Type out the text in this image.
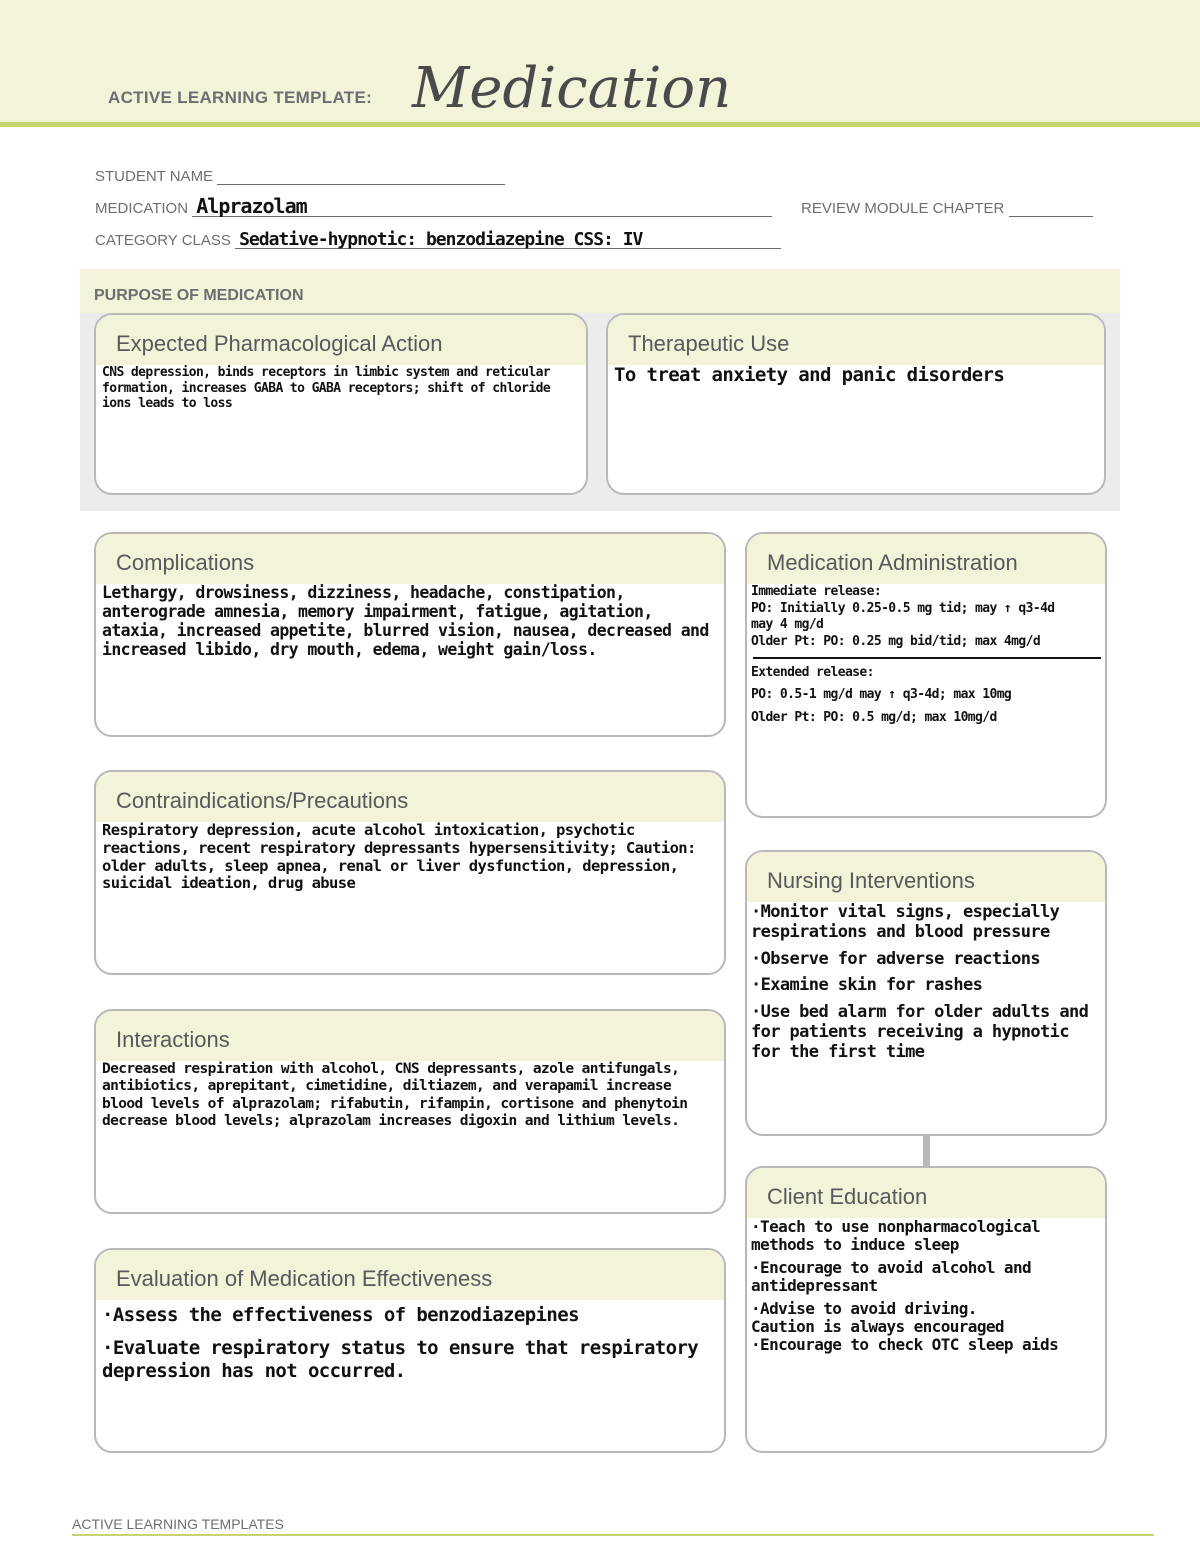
ACTIVE LEARNING TEMPLATE: Medication
STUDENT NAME
MEDICATION Alprazolam	REVIEW MODULE CHAPTER
CATEGORY CLASS Sedative-hypnotic: benzodiazepine CSS: IV
PURPOSE OF MEDICATION
Expected Pharmacological Action
CNS depression, binds receptors in limbic system and reticular formation, increases GABA to GABA receptors; shift of chloride ions leads to loss
Therapeutic Use
To treat anxiety and panic disorders
Complications
Lethargy, drowsiness, dizziness, headache, constipation, anterograde amnesia, memory impairment, fatigue, agitation, ataxia, increased appetite, blurred vision, nausea, decreased and increased libido, dry mouth, edema, weight gain/loss.
Medication Administration

Immediate release:

PO: Initially 0.25-0.5 mg tid; may ↑ q3-4d

may 4 mg/d

Older Pt: PO: 0.25 mg bid/tid; max 4mg/d

Extended release:

PO: 0.5-1 mg/d may ↑ q3-4d; max 10mg

Older Pt: PO: 0.5 mg/d; max 10mg/d

Contraindications/Precautions
Respiratory depression, acute alcohol intoxication, psychotic reactions, recent respiratory depressants hypersensitivity; Caution: older adults, sleep apnea, renal or liver dysfunction, depression, suicidal ideation, drug abuse	Nursing Interventions

·Monitor vital signs, especially respirations and blood pressure

·Observe for adverse reactions

·Examine skin for rashes

·Use bed alarm for older adults and for patients receiving a hypnotic for the first time

Interactions
Decreased respiration with alcohol, CNS depressants, azole antifungals, antibiotics, aprepitant, cimetidine, diltiazem, and verapamil increase blood levels of alprazolam; rifabutin, rifampin, cortisone and phenytoin decrease blood levels; alprazolam increases digoxin and lithium levels.
Client Education

·Teach to use nonpharmacological methods to induce sleep

·Encourage to avoid alcohol and antidepressant

·Advise to avoid driving.

Caution is always encouraged

·Encourage to check OTC sleep aids

Evaluation of Medication Effectiveness

·Assess the effectiveness of benzodiazepines

·Evaluate respiratory status to ensure that respiratory depression has not occurred.

ACTIVE LEARNING TEMPLATES
